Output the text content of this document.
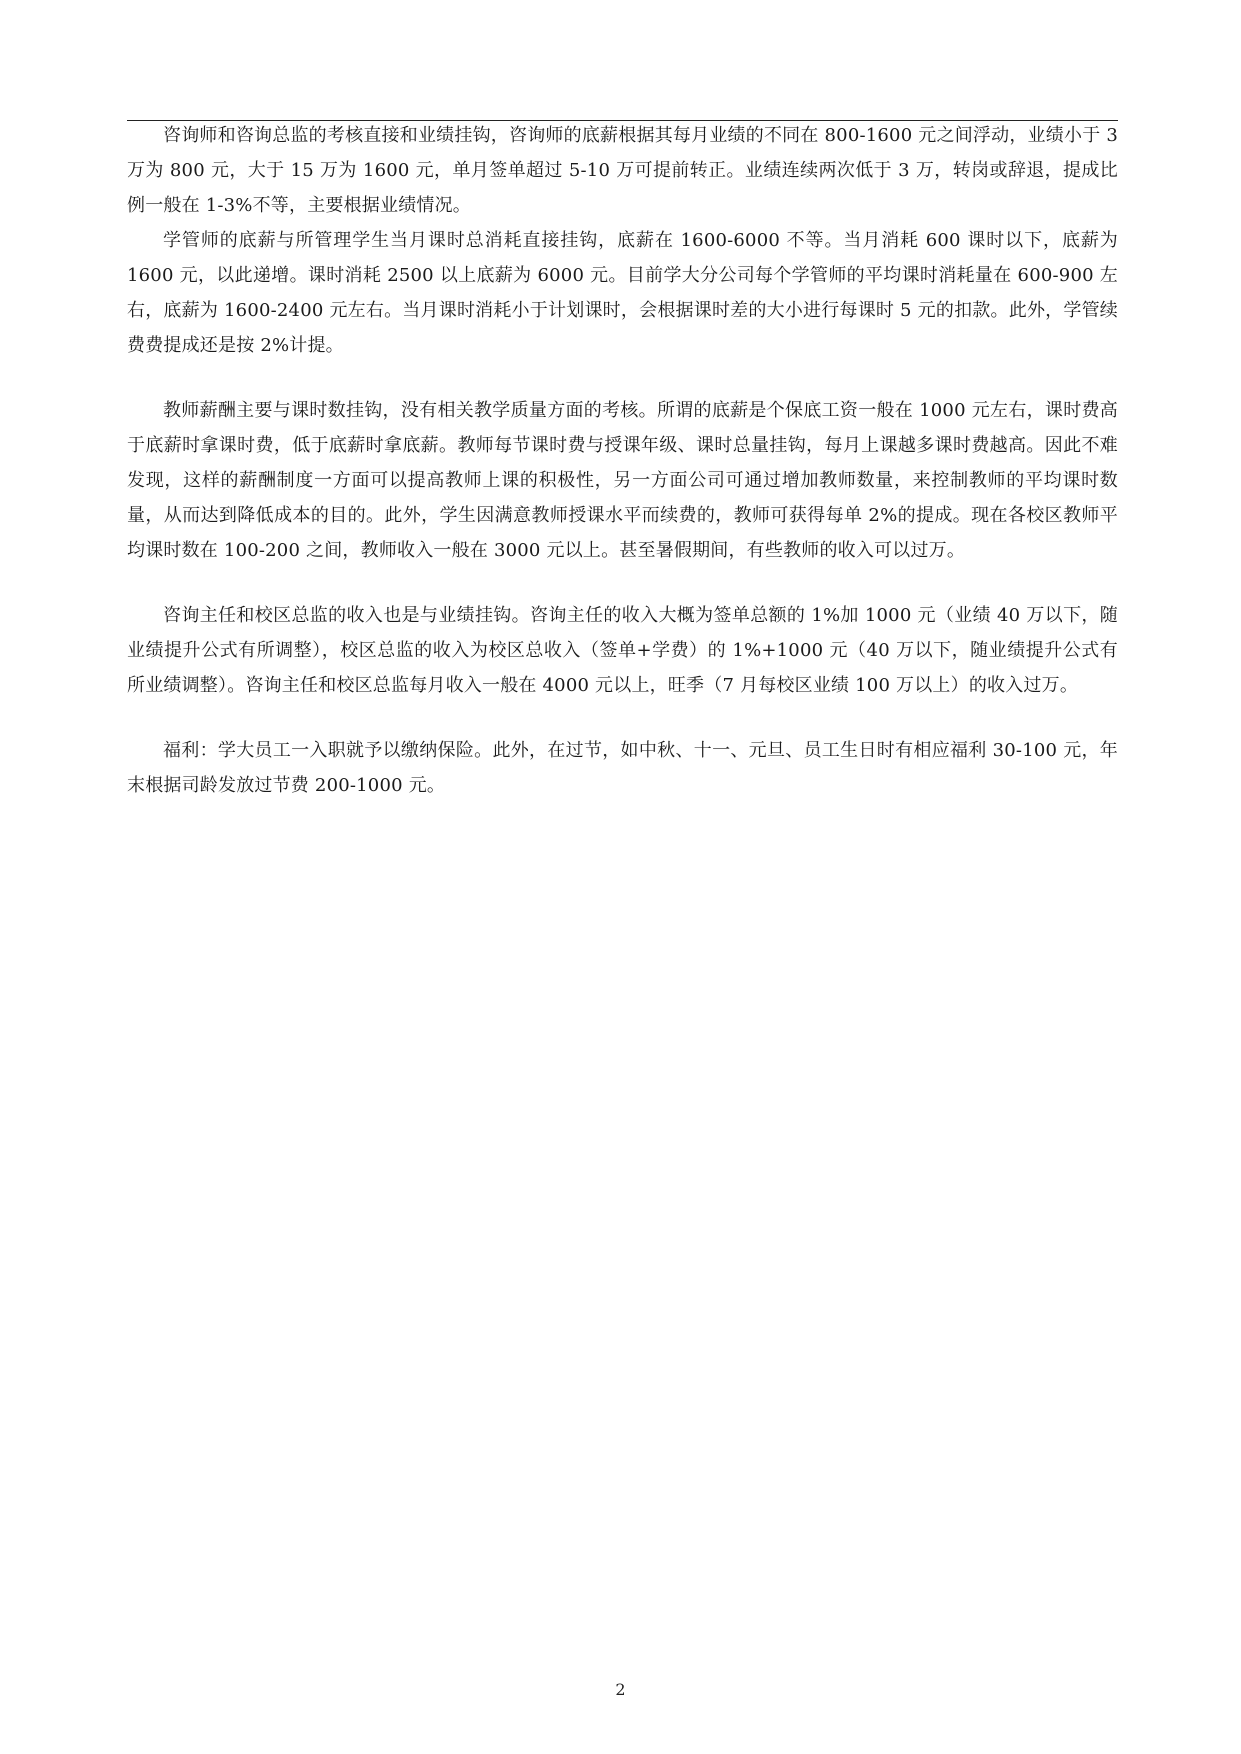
咨询师和咨询总监的考核直接和业绩挂钩，咨询师的底薪根据其每月业绩的不同在 800-1600 元之间浮动，业绩小于 3 万为 800 元，大于 15 万为 1600 元，单月签单超过 5-10 万可提前转正。业绩连续两次低于 3 万，转岗或辞退，提成比例一般在 1-3%不等，主要根据业绩情况。

学管师的底薪与所管理学生当月课时总消耗直接挂钩，底薪在 1600-6000 不等。当月消耗 600 课时以下，底薪为 1600 元，以此递增。课时消耗 2500 以上底薪为 6000 元。目前学大分公司每个学管师的平均课时消耗量在 600-900 左右，底薪为 1600-2400 元左右。当月课时消耗小于计划课时，会根据课时差的大小进行每课时 5 元的扣款。此外，学管续费费提成还是按 2%计提。

教师薪酬主要与课时数挂钩，没有相关教学质量方面的考核。所谓的底薪是个保底工资一般在 1000 元左右，课时费高于底薪时拿课时费，低于底薪时拿底薪。教师每节课时费与授课年级、课时总量挂钩，每月上课越多课时费越高。因此不难发现，这样的薪酬制度一方面可以提高教师上课的积极性，另一方面公司可通过增加教师数量，来控制教师的平均课时数量，从而达到降低成本的目的。此外，学生因满意教师授课水平而续费的，教师可获得每单 2%的提成。现在各校区教师平均课时数在 100-200 之间，教师收入一般在 3000 元以上。甚至暑假期间，有些教师的收入可以过万。

咨询主任和校区总监的收入也是与业绩挂钩。咨询主任的收入大概为签单总额的 1%加 1000 元（业绩 40 万以下，随业绩提升公式有所调整），校区总监的收入为校区总收入（签单+学费）的 1%+1000 元（40 万以下，随业绩提升公式有所业绩调整）。咨询主任和校区总监每月收入一般在 4000 元以上，旺季（7 月每校区业绩 100 万以上）的收入过万。

福利：学大员工一入职就予以缴纳保险。此外，在过节，如中秋、十一、元旦、员工生日时有相应福利 30-100 元，年末根据司龄发放过节费 200-1000 元。

2
